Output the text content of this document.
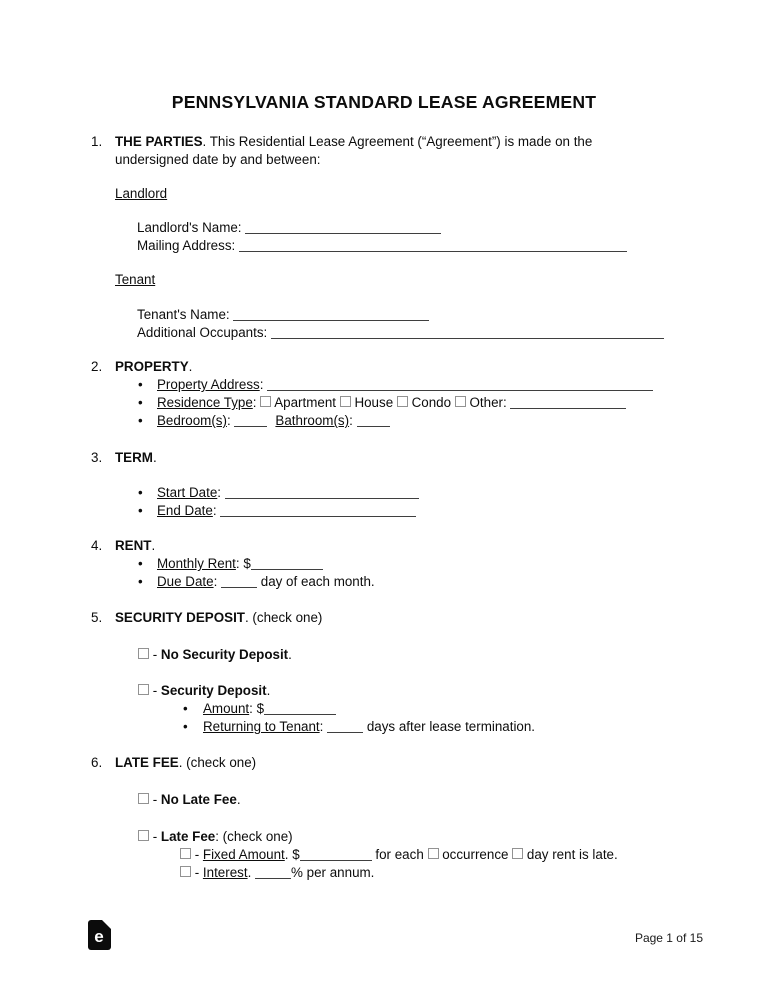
PENNSYLVANIA STANDARD LEASE AGREEMENT
1. THE PARTIES. This Residential Lease Agreement (“Agreement”) is made on the undersigned date by and between:
Landlord
Landlord's Name:
Mailing Address:
Tenant
Tenant's Name:
Additional Occupants:
2. PROPERTY.
• Property Address:
• Residence Type:  Apartment  House  Condo  Other:
• Bedroom(s):	Bathroom(s):
3. TERM.
• Start Date:
• End Date:
4. RENT.
• Monthly Rent: $
• Due Date:	day of each month.
5. SECURITY DEPOSIT. (check one)
- No Security Deposit.
- Security Deposit.
• Amount: $
• Returning to Tenant:	days after lease termination.
6. LATE FEE. (check one)
- No Late Fee.
- Late Fee: (check one)
- Fixed Amount. $	for each  occurrence  day rent is late.
- Interest.	% per annum.
e	Page 1 of 15
